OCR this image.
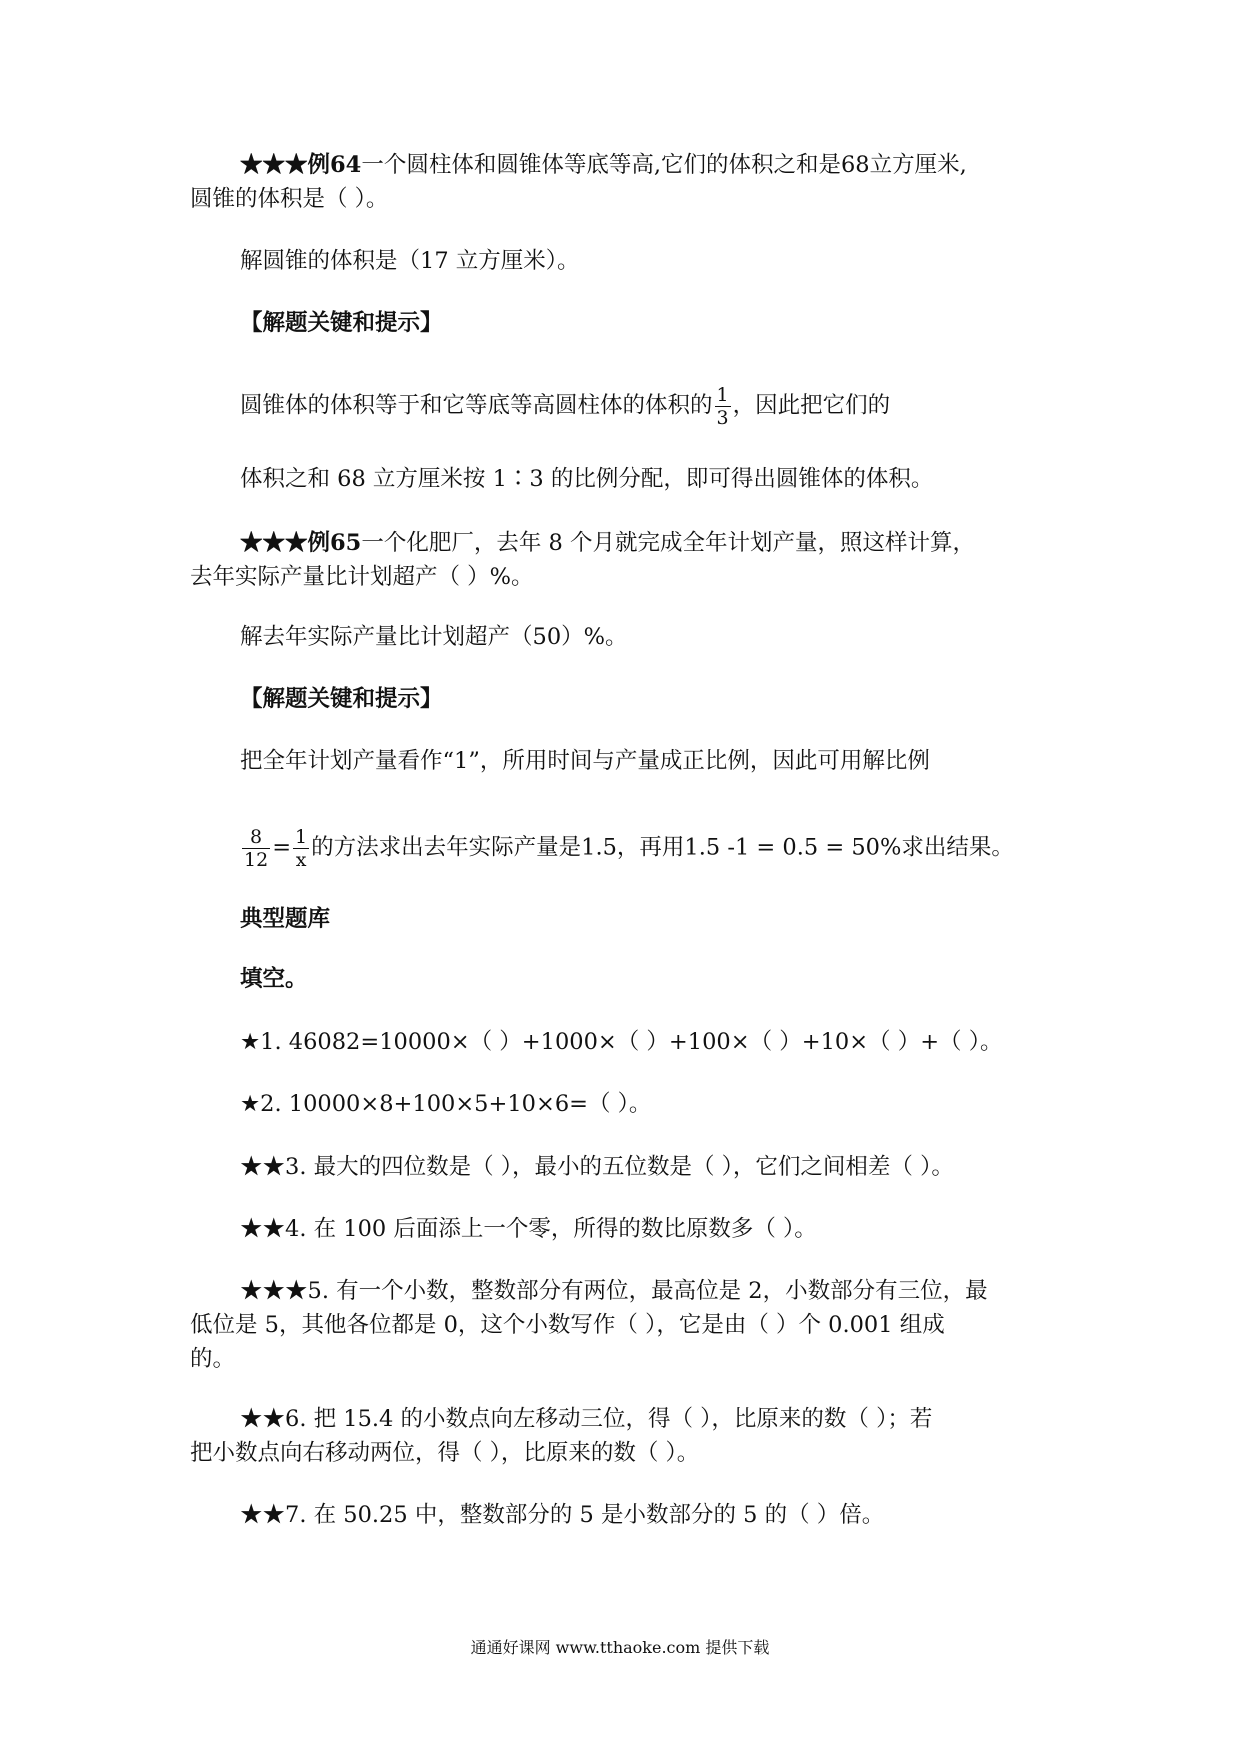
★★★例64一个圆柱体和圆锥体等底等高,它们的体积之和是68立方厘米,
圆锥的体积是（ ）。
解圆锥的体积是（17 立方厘米）。
【解题关键和提示】
圆锥体的体积等于和它等底等高圆柱体的体积的 $\frac{1}{3}$ ，因此把它们的
体积之和 68 立方厘米按 1∶3 的比例分配，即可得出圆锥体的体积。
★★★例65一个化肥厂，去年 8 个月就完成全年计划产量，照这样计算，
去年实际产量比计划超产（ ）%。
解去年实际产量比计划超产（50）%。
【解题关键和提示】
把全年计划产量看作“1”，所用时间与产量成正比例，因此可用解比例
$\frac{8}{12} = \frac{1}{x}$ 的方法求出去年实际产量是1.5，再用1.5 -1 = 0.5 = 50%求出结果。
典型题库
填空。
★1. 46082=10000×（ ）+1000×（ ）+100×（ ）+10×（ ）+（ ）。
★2. 10000×8+100×5+10×6=（ ）。
★★3. 最大的四位数是（ ），最小的五位数是（ ），它们之间相差（ ）。
★★4. 在 100 后面添上一个零，所得的数比原数多（ ）。
★★★5. 有一个小数，整数部分有两位，最高位是 2，小数部分有三位，最
低位是 5，其他各位都是 0，这个小数写作（ ），它是由（ ）个 0.001 组成
的。
★★6. 把 15.4 的小数点向左移动三位，得（ ），比原来的数（ ）；若
把小数点向右移动两位，得（ ），比原来的数（ ）。
★★7. 在 50.25 中，整数部分的 5 是小数部分的 5 的（ ）倍。
通通好课网 www.tthaoke.com 提供下载
